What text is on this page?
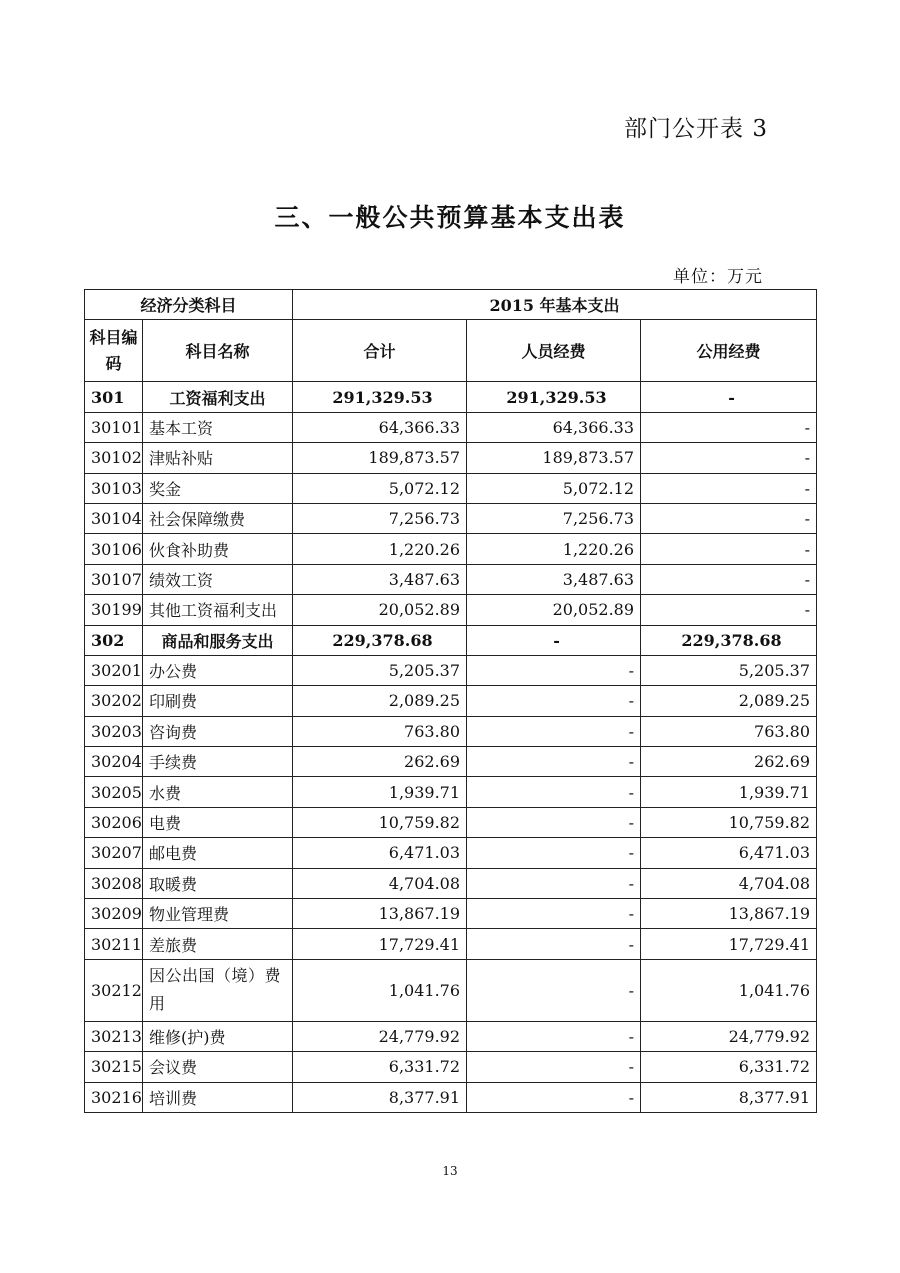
部门公开表 3
三、一般公共预算基本支出表
单位：万元
经济分类科目		2015 年基本支出		
科目编码	科目名称	合计	人员经费	公用经费
301	工资福利支出	291,329.53	291,329.53	-
30101	基本工资	64,366.33	64,366.33	-
30102	津贴补贴	189,873.57	189,873.57	-
30103	奖金	5,072.12	5,072.12	-
30104	社会保障缴费	7,256.73	7,256.73	-
30106	伙食补助费	1,220.26	1,220.26	-
30107	绩效工资	3,487.63	3,487.63	-
30199	其他工资福利支出	20,052.89	20,052.89	-
302	商品和服务支出	229,378.68	-	229,378.68
30201	办公费	5,205.37	-	5,205.37
30202	印刷费	2,089.25	-	2,089.25
30203	咨询费	763.80	-	763.80
30204	手续费	262.69	-	262.69
30205	水费	1,939.71	-	1,939.71
30206	电费	10,759.82	-	10,759.82
30207	邮电费	6,471.03	-	6,471.03
30208	取暖费	4,704.08	-	4,704.08
30209	物业管理费	13,867.19	-	13,867.19
30211	差旅费	17,729.41	-	17,729.41
30212	因公出国（境）费用	1,041.76	-	1,041.76
30213	维修(护)费	24,779.92	-	24,779.92
30215	会议费	6,331.72	-	6,331.72
30216	培训费	8,377.91	-	8,377.91
13
